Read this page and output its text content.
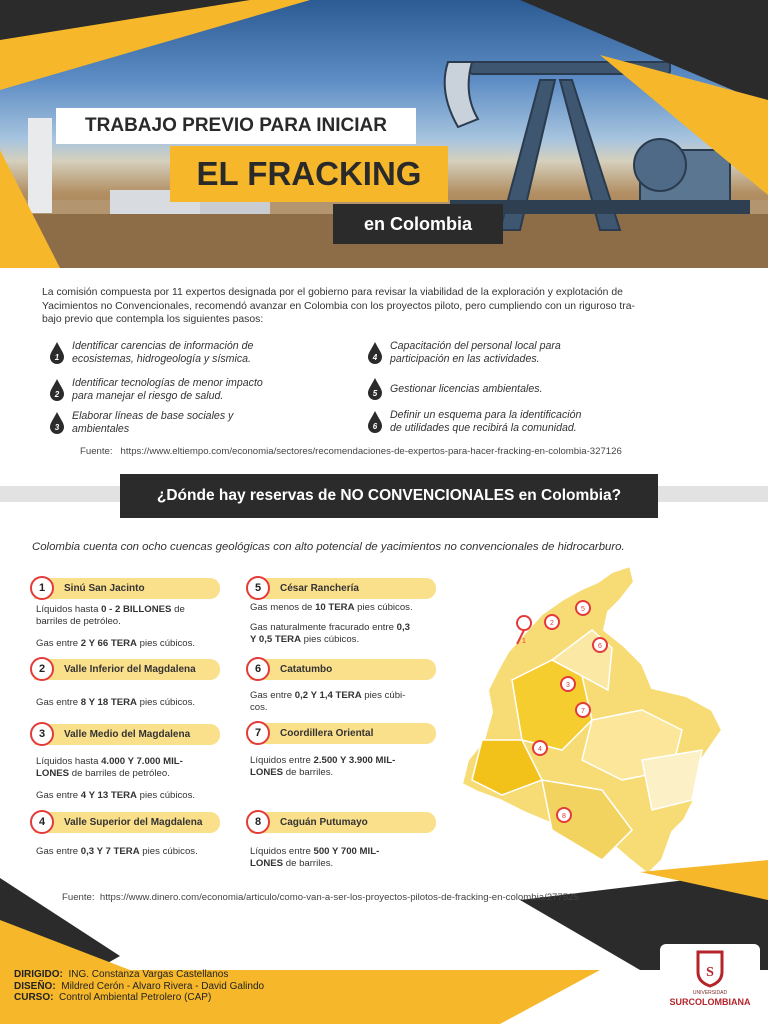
TRABAJO PREVIO PARA INICIAR
EL FRACKING
en Colombia
La comisión compuesta por 11 expertos designada por el gobierno para revisar la viabilidad de la exploración y explotación de
Yacimientos no Convencionales, recomendó avanzar en Colombia con los proyectos piloto, pero cumpliendo con un riguroso tra-
bajo previo que contempla los siguientes pasos:
1
Identificar carencias de información de
ecosistemas, hidrogeología y sísmica.
2
Identificar tecnologías de menor impacto
para manejar el riesgo de salud.
3
Elaborar líneas de base sociales y
ambientales
4
Capacitación del personal local para
participación en las actividades.
5 Gestionar licencias ambientales.
6
Definir un esquema para la identificación
de utilidades que recibirá la comunidad.
Fuente: https://www.eltiempo.com/economia/sectores/recomendaciones-de-expertos-para-hacer-fracking-en-colombia-327126
¿Dónde hay reservas de NO CONVENCIONALES en Colombia?
Colombia cuenta con ocho cuencas geológicas con alto potencial de yacimientos no convencionales de hidrocarburo.
1	Sinú San Jacinto
Líquidos hasta 0 - 2 BILLONES de
barriles de petróleo.
Gas entre 2 Y 66 TERA pies cúbicos.
2	Valle Inferior del Magdalena
Gas entre 8 Y 18 TERA pies cúbicos.
3	Valle Medio del Magdalena
Líquidos hasta 4.000 Y 7.000 MIL-
LONES de barriles de petróleo.
Gas entre 4 Y 13 TERA pies cúbicos.
4	Valle Superior del Magdalena
Gas entre 0,3 Y 7 TERA pies cúbicos.
5	César Ranchería
Gas menos de 10 TERA pies cúbicos.
Gas naturalmente fracurado entre 0,3
Y 0,5 TERA pies cúbicos.
6	Catatumbo
Gas entre 0,2 Y 1,4 TERA pies cúbi-
cos.
7	Coordillera Oriental
Líquidos entre 2.500 Y 3.900 MIL-
LONES de barriles.
8	Caguán Putumayo
Líquidos entre 500 Y 700 MIL-
LONES de barriles.
1
2
3
4
5
6
7
8
Fuente: https://www.dinero.com/economia/articulo/como-van-a-ser-los-proyectos-pilotos-de-fracking-en-colombia/277525
DIRIGIDO: ING. Constanza Vargas Castellanos
DISEÑO: Mildred Cerón - Alvaro Rivera - David Galindo
CURSO: Control Ambiental Petrolero (CAP)
S
UNIVERSIDAD
SURCOLOMBIANA
